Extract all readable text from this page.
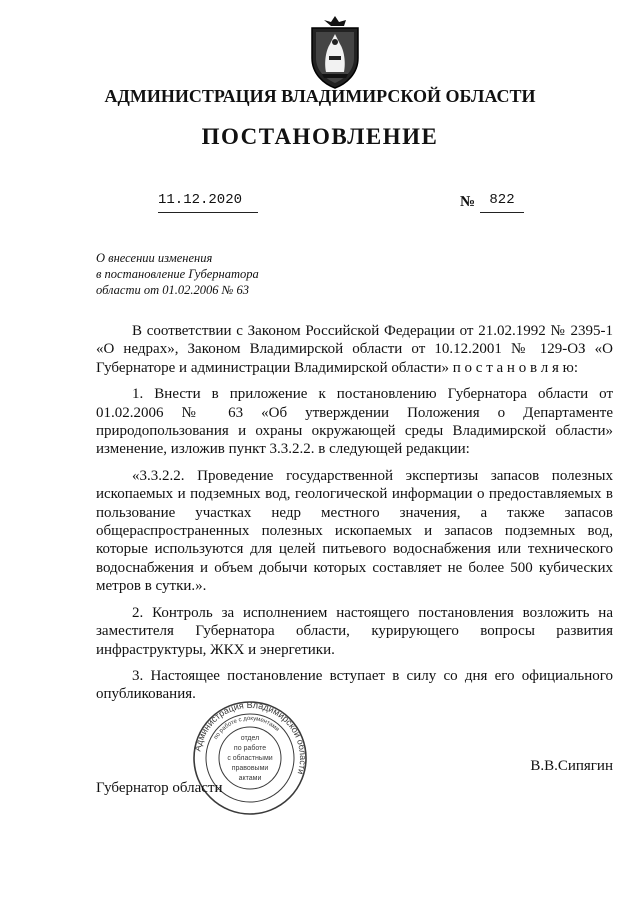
АДМИНИСТРАЦИЯ ВЛАДИМИРСКОЙ ОБЛАСТИ
ПОСТАНОВЛЕНИЕ
11.12.2020	№	822
О внесении изменения
в постановление Губернатора
области от 01.02.2006 № 63

В соответствии с Законом Российской Федерации от 21.02.1992 № 2395-1 «О недрах», Законом Владимирской области от 10.12.2001 № 129-ОЗ «О Губернаторе и администрации Владимирской области» п о с т а н о в л я ю:

1. Внести в приложение к постановлению Губернатора области от 01.02.2006 № 63 «Об утверждении Положения о Департаменте природопользования и охраны окружающей среды Владимирской области» изменение, изложив пункт 3.3.2.2. в следующей редакции:

«3.3.2.2. Проведение государственной экспертизы запасов полезных ископаемых и подземных вод, геологической информации о предоставляемых в пользование участках недр местного значения, а также запасов общераспространенных полезных ископаемых и запасов подземных вод, которые используются для целей питьевого водоснабжения или технического водоснабжения и объем добычи которых составляет не более 500 кубических метров в сутки.».

2. Контроль за исполнением настоящего постановления возложить на заместителя Губернатора области, курирующего вопросы развития инфраструктуры, ЖКХ и энергетики.

3. Настоящее постановление вступает в силу со дня его официального опубликования.

Администрация Владимирской области
по работе с документами
отдел
по работе
с областными
правовыми
актами
Губернатор области
В.В.Сипягин
